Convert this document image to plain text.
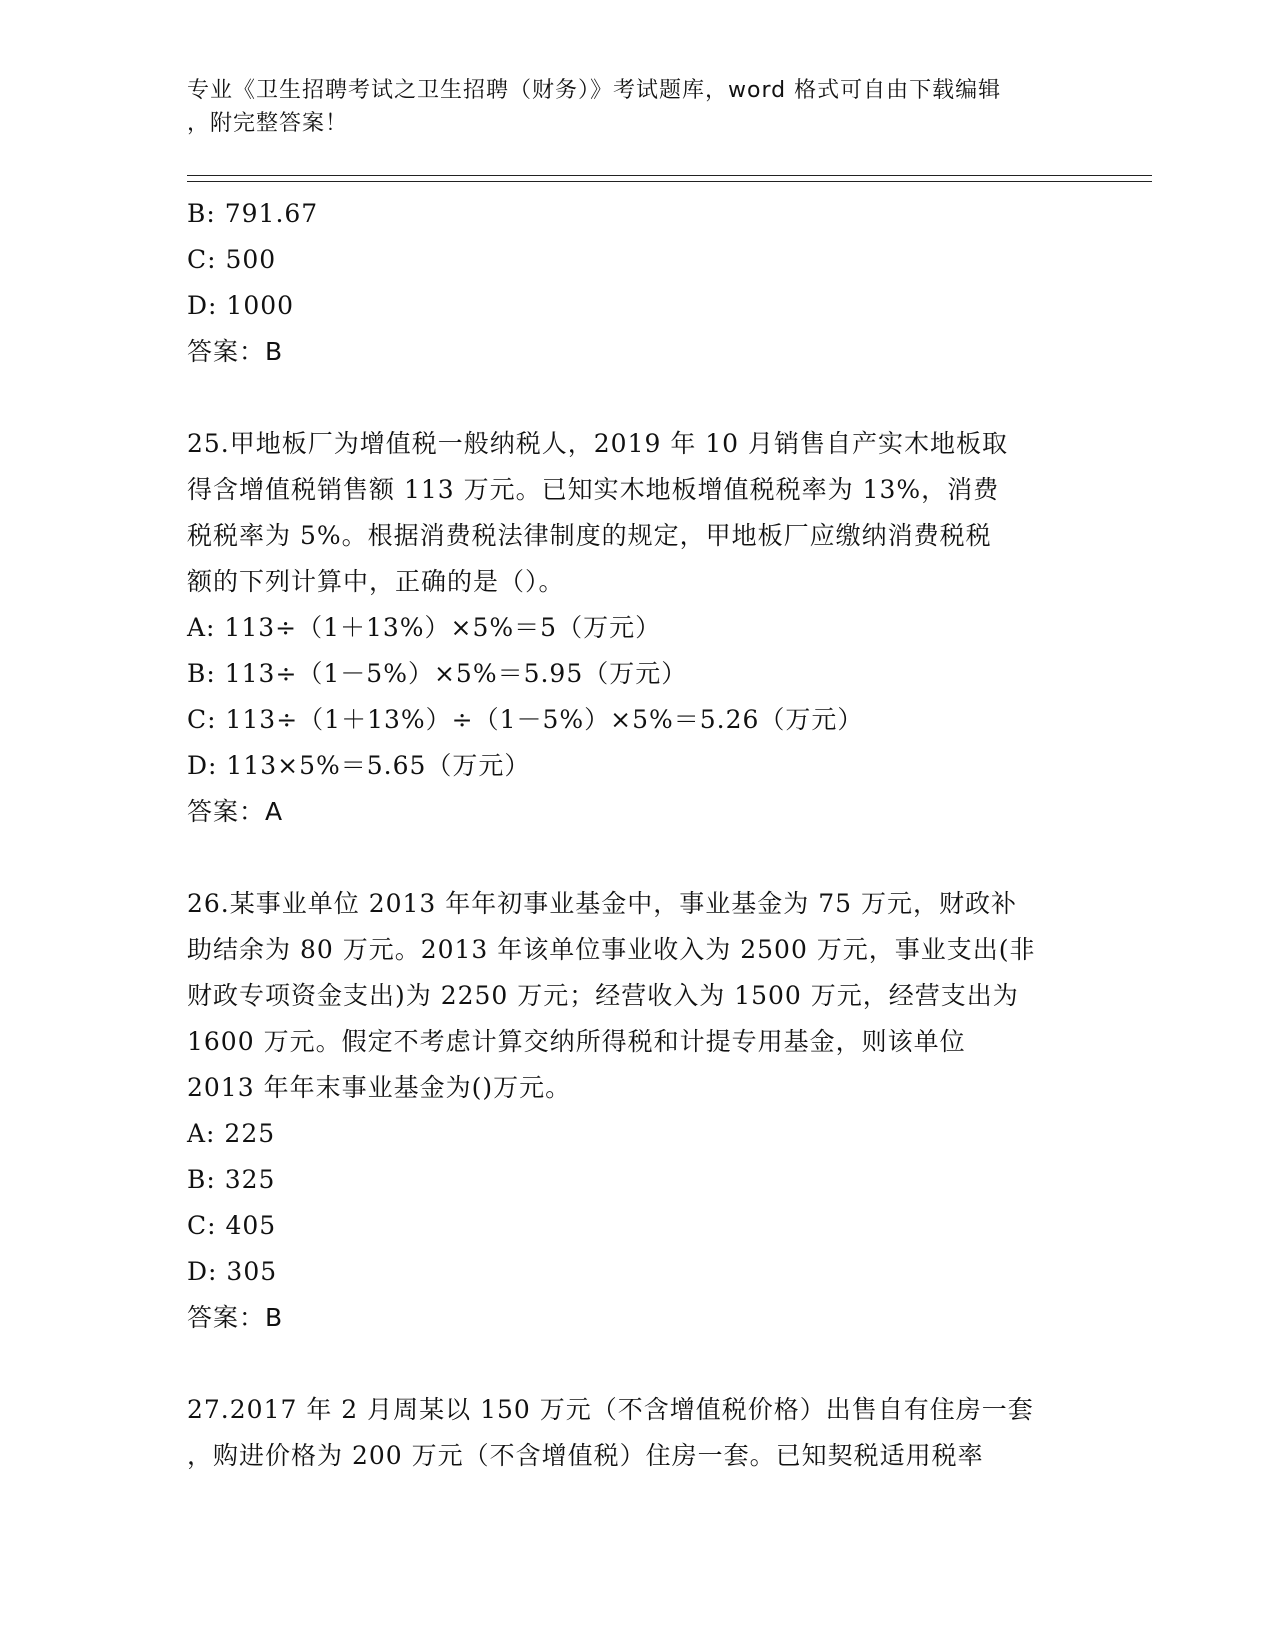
专业《卫生招聘考试之卫生招聘（财务）》考试题库，word 格式可自由下载编辑
，附完整答案！
B: 791.67
C: 500
D: 1000
答案：B
25.甲地板厂为增值税一般纳税人，2019 年 10 月销售自产实木地板取
得含增值税销售额 113 万元。已知实木地板增值税税率为 13%，消费
税税率为 5%。根据消费税法律制度的规定，甲地板厂应缴纳消费税税
额的下列计算中，正确的是（）。
A: 113÷（1＋13%）×5%＝5（万元）
B: 113÷（1－5%）×5%＝5.95（万元）
C: 113÷（1＋13%）÷（1－5%）×5%＝5.26（万元）
D: 113×5%＝5.65（万元）
答案：A
26.某事业单位 2013 年年初事业基金中，事业基金为 75 万元，财政补
助结余为 80 万元。2013 年该单位事业收入为 2500 万元，事业支出(非
财政专项资金支出)为 2250 万元；经营收入为 1500 万元，经营支出为
1600 万元。假定不考虑计算交纳所得税和计提专用基金，则该单位
2013 年年末事业基金为()万元。
A: 225
B: 325
C: 405
D: 305
答案：B
27.2017 年 2 月周某以 150 万元（不含增值税价格）出售自有住房一套
，购进价格为 200 万元（不含增值税）住房一套。已知契税适用税率
